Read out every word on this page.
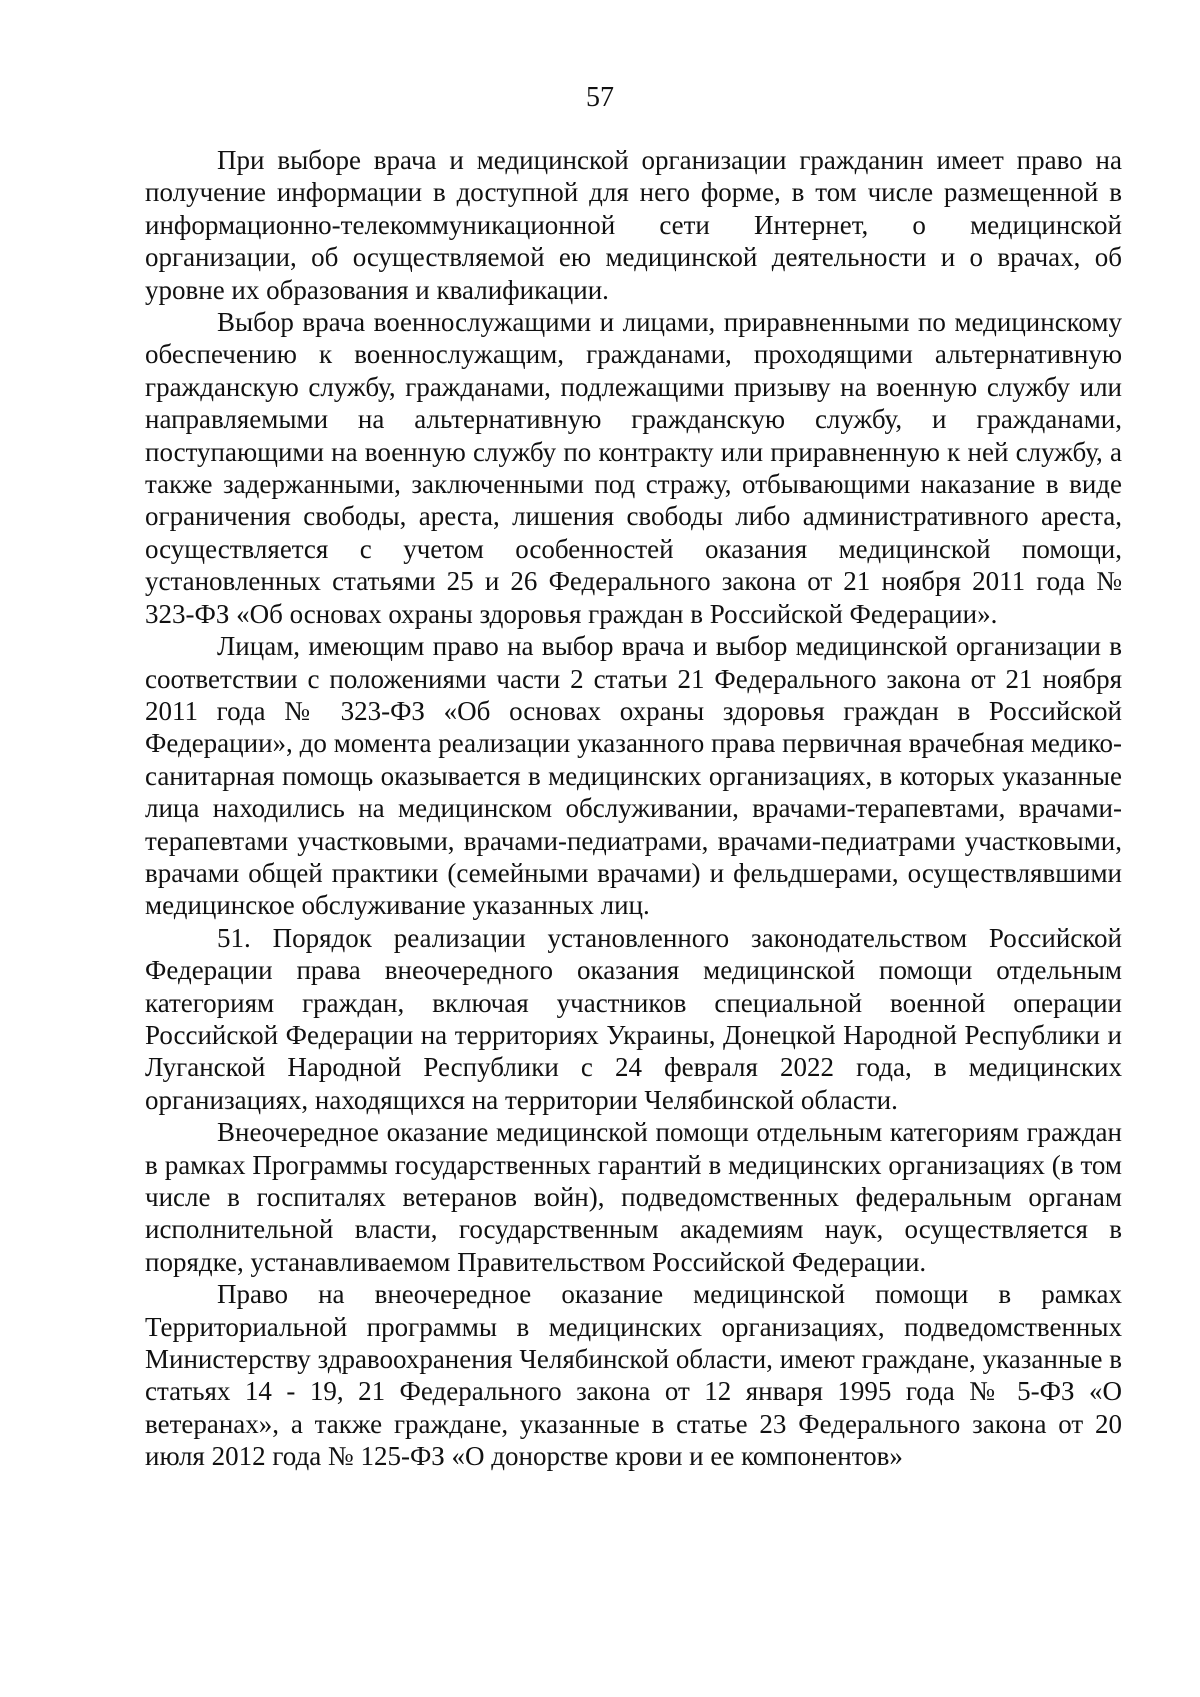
57

При выборе врача и медицинской организации гражданин имеет право на получение информации в доступной для него форме, в том числе размещенной в информационно-телекоммуникационной сети Интернет, о медицинской организации, об осуществляемой ею медицинской деятельности и о врачах, об уровне их образования и квалификации.

Выбор врача военнослужащими и лицами, приравненными по медицинскому обеспечению к военнослужащим, гражданами, проходящими альтернативную гражданскую службу, гражданами, подлежащими призыву на военную службу или направляемыми на альтернативную гражданскую службу, и гражданами, поступающими на военную службу по контракту или приравненную к ней службу, а также задержанными, заключенными под стражу, отбывающими наказание в виде ограничения свободы, ареста, лишения свободы либо административного ареста, осуществляется с учетом особенностей оказания медицинской помощи, установленных статьями 25 и 26 Федерального закона от 21 ноября 2011 года № 323-ФЗ «Об основах охраны здоровья граждан в Российской Федерации».

Лицам, имеющим право на выбор врача и выбор медицинской организации в соответствии с положениями части 2 статьи 21 Федерального закона от 21 ноября 2011 года № 323-ФЗ «Об основах охраны здоровья граждан в Российской Федерации», до момента реализации указанного права первичная врачебная медико-санитарная помощь оказывается в медицинских организациях, в которых указанные лица находились на медицинском обслуживании, врачами-терапевтами, врачами-терапевтами участковыми, врачами-педиатрами, врачами-педиатрами участковыми, врачами общей практики (семейными врачами) и фельдшерами, осуществлявшими медицинское обслуживание указанных лиц.

51. Порядок реализации установленного законодательством Российской Федерации права внеочередного оказания медицинской помощи отдельным категориям граждан, включая участников специальной военной операции Российской Федерации на территориях Украины, Донецкой Народной Республики и Луганской Народной Республики с 24 февраля 2022 года, в медицинских организациях, находящихся на территории Челябинской области.

Внеочередное оказание медицинской помощи отдельным категориям граждан в рамках Программы государственных гарантий в медицинских организациях (в том числе в госпиталях ветеранов войн), подведомственных федеральным органам исполнительной власти, государственным академиям наук, осуществляется в порядке, устанавливаемом Правительством Российской Федерации.

Право на внеочередное оказание медицинской помощи в рамках Территориальной программы в медицинских организациях, подведомственных Министерству здравоохранения Челябинской области, имеют граждане, указанные в статьях 14 - 19, 21 Федерального закона от 12 января 1995 года № 5-ФЗ «О ветеранах», а также граждане, указанные в статье 23 Федерального закона от 20 июля 2012 года № 125-ФЗ «О донорстве крови и ее компонентов»
